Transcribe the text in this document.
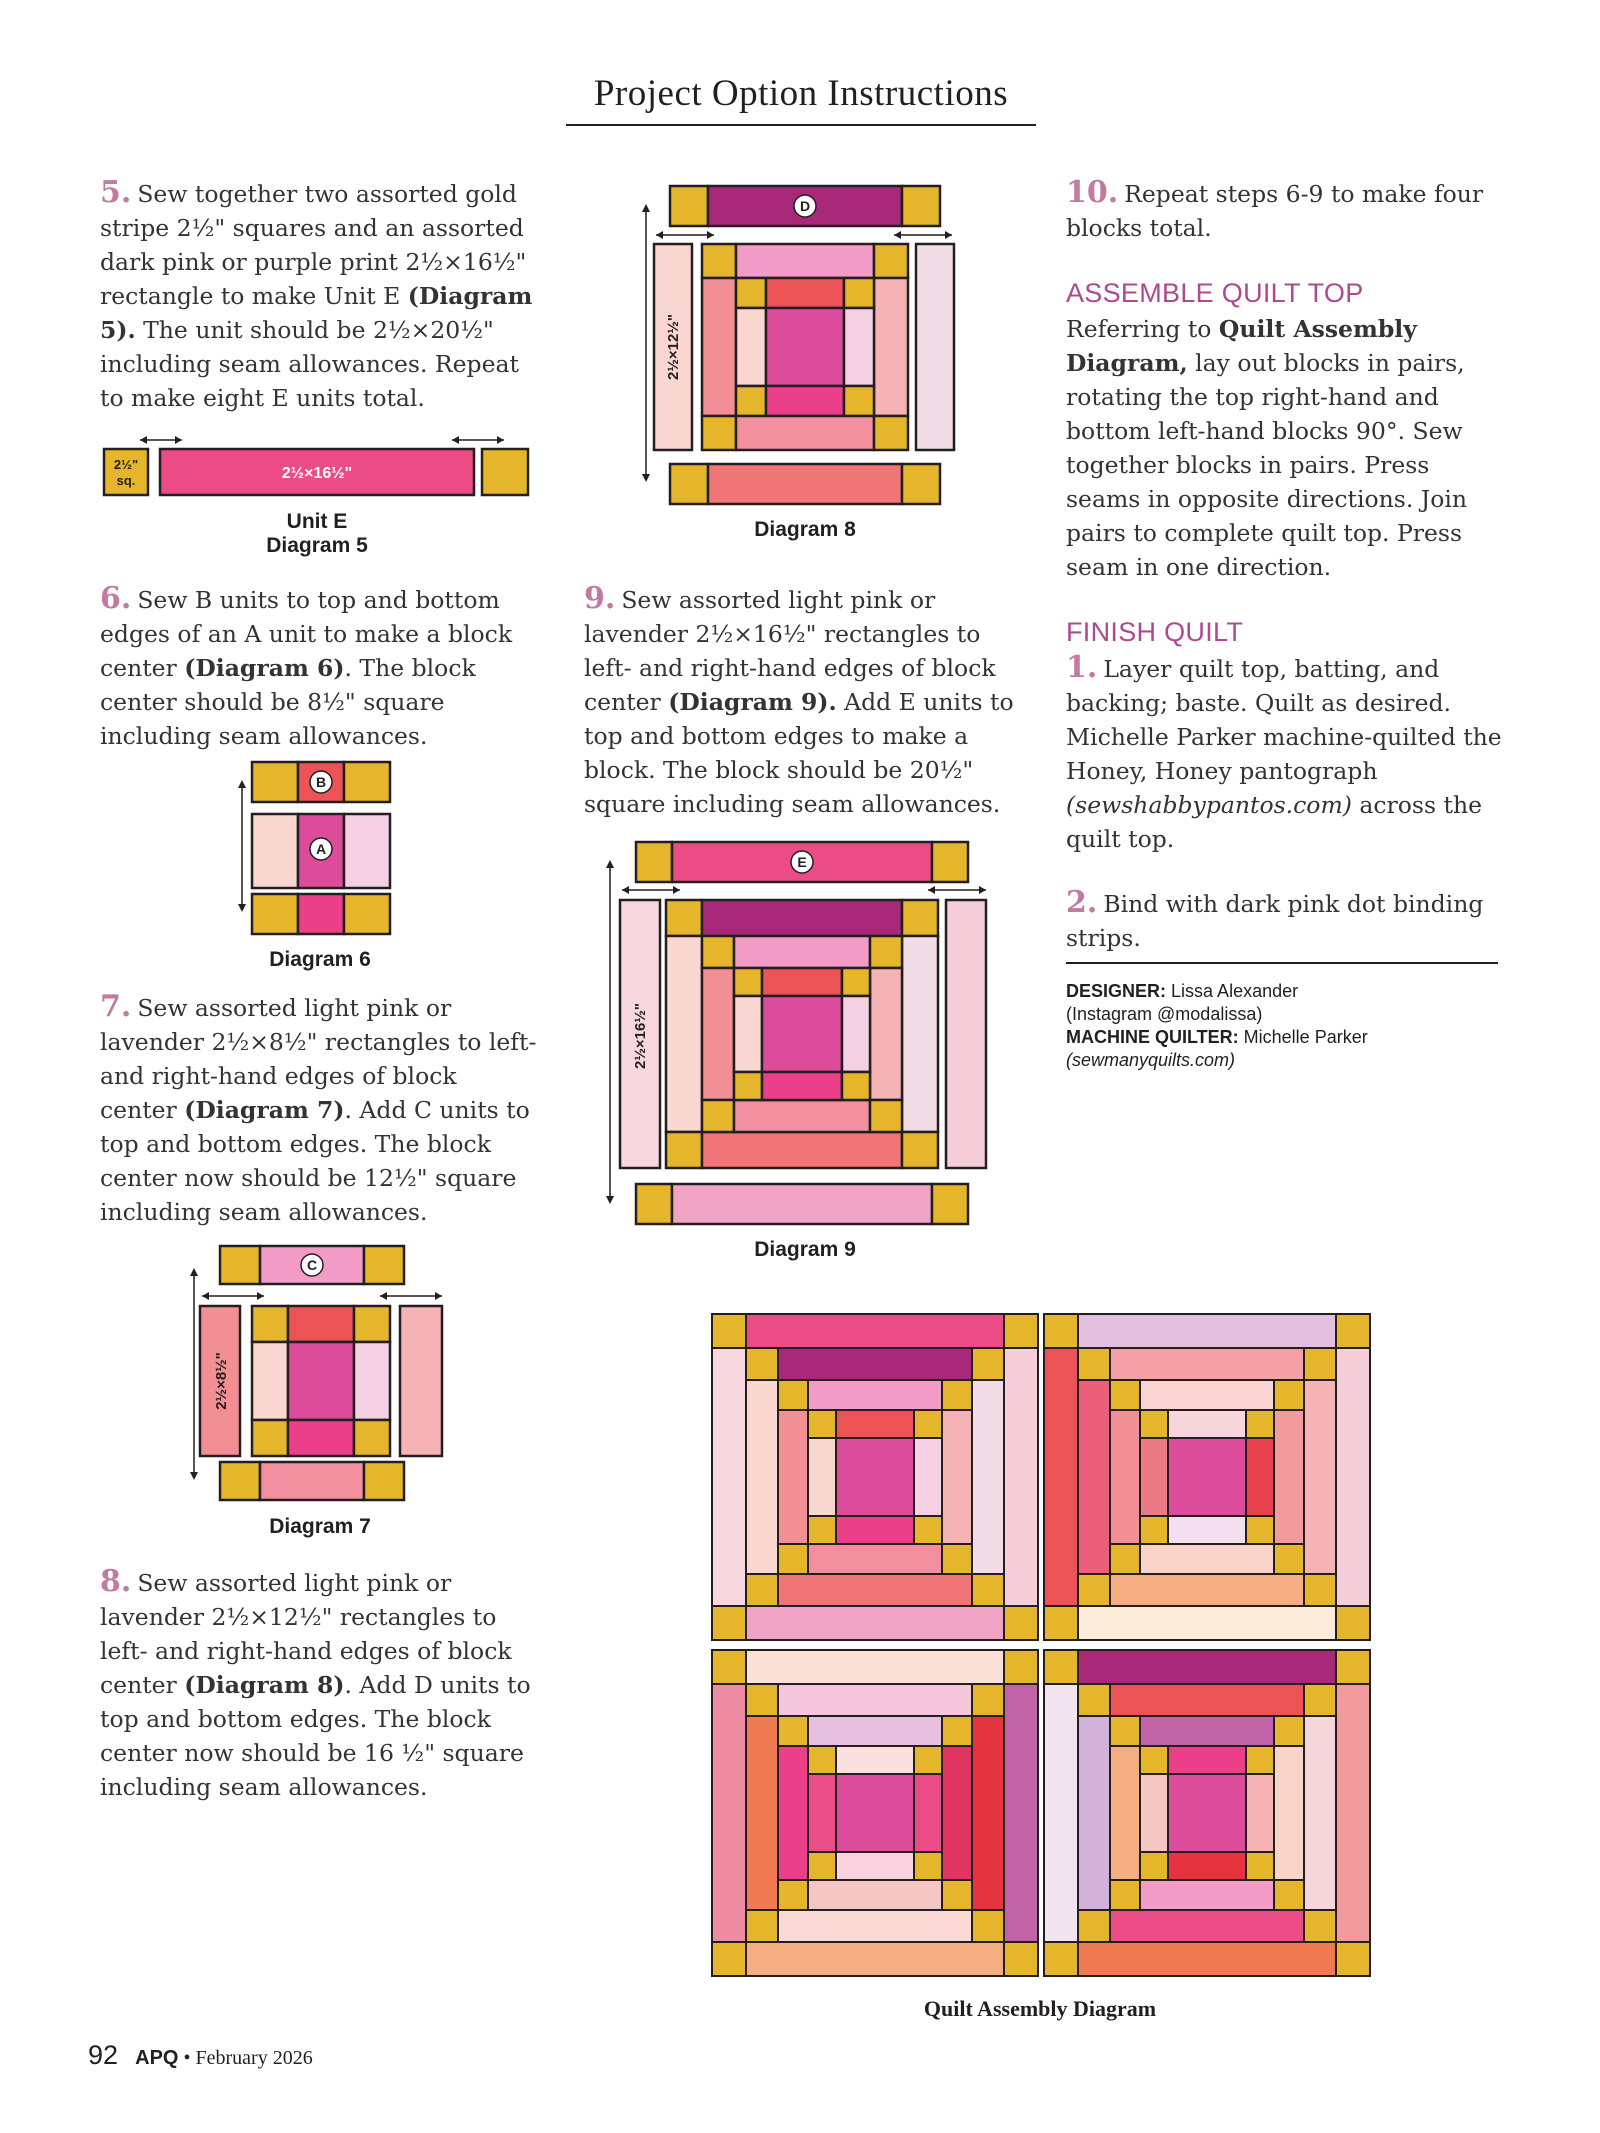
Project Option Instructions
5. Sew together two assorted gold stripe 2½" squares and an assorted dark pink or purple print 2½×16½" rectangle to make Unit E (Diagram 5). The unit should be 2½×20½" including seam allowances. Repeat to make eight E units total.
2½"
sq.	2½×16½"
Unit E
Diagram 5
6. Sew B units to top and bottom edges of an A unit to make a block center (Diagram 6). The block center should be 8½" square including seam allowances.
B
A
Diagram 6
7. Sew assorted light pink or lavender 2½×8½" rectangles to left- and right-hand edges of block center (Diagram 7). Add C units to top and bottom edges. The block center now should be 12½" square including seam allowances.
C
2½×8½"
Diagram 7
8. Sew assorted light pink or lavender 2½×12½" rectangles to left- and right-hand edges of block center (Diagram 8). Add D units to top and bottom edges. The block center now should be 16 ½" square including seam allowances.
D
2½×12½"
Diagram 8
9. Sew assorted light pink or lavender 2½×16½" rectangles to left- and right-hand edges of block center (Diagram 9). Add E units to top and bottom edges to make a block. The block should be 20½" square including seam allowances.
E
2½×16½"
Diagram 9
10. Repeat steps 6-9 to make four blocks total.
ASSEMBLE QUILT TOP
Referring to Quilt Assembly Diagram, lay out blocks in pairs, rotating the top right-hand and bottom left-hand blocks 90°. Sew together blocks in pairs. Press seams in opposite directions. Join pairs to complete quilt top. Press seam in one direction.
FINISH QUILT
1. Layer quilt top, batting, and backing; baste. Quilt as desired. Michelle Parker machine-quilted the Honey, Honey pantograph (sewshabbypantos.com) across the quilt top.
2. Bind with dark pink dot binding strips.
DESIGNER: Lissa Alexander
(Instagram @modalissa)
MACHINE QUILTER: Michelle Parker
(sewmanyquilts.com)
Quilt Assembly Diagram
92 APQ • February 2026
